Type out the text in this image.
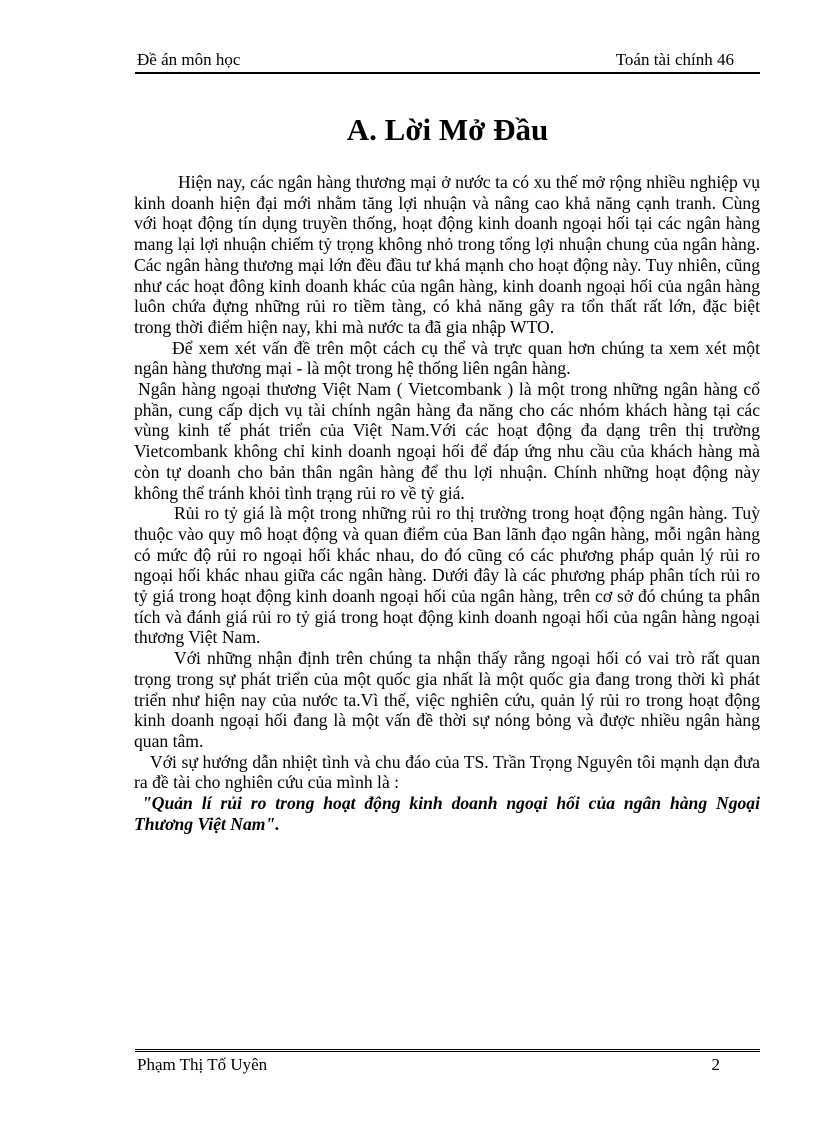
Đề án môn học	Toán tài chính 46
A. Lời Mở Đầu

Hiện nay, các ngân hàng thương mại ở nước ta có xu thế mở rộng nhiều nghiệp vụ kinh doanh hiện đại mới nhằm tăng lợi nhuận và nâng cao khả năng cạnh tranh. Cùng với hoạt động tín dụng truyền thống, hoạt động kinh doanh ngoại hối tại các ngân hàng mang lại lợi nhuận chiếm tỷ trọng không nhỏ trong tổng lợi nhuận chung của ngân hàng. Các ngân hàng thương mại lớn đều đầu tư khá mạnh cho hoạt động này. Tuy nhiên, cũng như các hoạt đông kinh doanh khác của ngân hàng, kinh doanh ngoại hối của ngân hàng luôn chứa đựng những rủi ro tiềm tàng, có khả năng gây ra tổn thất rất lớn, đặc biệt trong thời điểm hiện nay, khi mà nước ta đã gia nhập WTO.

Để xem xét vấn đề trên một cách cụ thể và trực quan hơn chúng ta xem xét một ngân hàng thương mại - là một trong hệ thống liên ngân hàng.

Ngân hàng ngoại thương Việt Nam ( Vietcombank ) là một trong những ngân hàng cổ phần, cung cấp dịch vụ tài chính ngân hàng đa năng cho các nhóm khách hàng tại các vùng kinh tế phát triển của Việt Nam.Với các hoạt động đa dạng trên thị trường Vietcombank không chỉ kinh doanh ngoại hối để đáp ứng nhu cầu của khách hàng mà còn tự doanh cho bản thân ngân hàng để thu lợi nhuận. Chính những hoạt động này không thể tránh khỏi tình trạng rủi ro về tỷ giá.

Rủi ro tỷ giá là một trong những rủi ro thị trường trong hoạt động ngân hàng. Tuỳ thuộc vào quy mô hoạt động và quan điểm của Ban lãnh đạo ngân hàng, mỗi ngân hàng có mức độ rủi ro ngoại hối khác nhau, do đó cũng có các phương pháp quản lý rủi ro ngoại hối khác nhau giữa các ngân hàng. Dưới đây là các phương pháp phân tích rủi ro tỷ giá trong hoạt động kinh doanh ngoại hối của ngân hàng, trên cơ sở đó chúng ta phân tích và đánh giá rủi ro tỷ giá trong hoạt động kinh doanh ngoại hối của ngân hàng ngoại thương Việt Nam.

Với những nhận định trên chúng ta nhận thấy rằng ngoại hối có vai trò rất quan trọng trong sự phát triển của một quốc gia nhất là một quốc gia đang trong thời kì phát triển như hiện nay của nước ta.Vì thế, việc nghiên cứu, quản lý rủi ro trong hoạt động kinh doanh ngoại hối đang là một vấn đề thời sự nóng bỏng và được nhiều ngân hàng quan tâm.

Với sự hướng dẫn nhiệt tình và chu đáo của TS. Trần Trọng Nguyên tôi mạnh dạn đưa ra đề tài cho nghiên cứu của mình là :

"Quản lí rủi ro trong hoạt động kinh doanh ngoại hối của ngân hàng Ngoại Thương Việt Nam".

Phạm Thị Tố Uyên	2
